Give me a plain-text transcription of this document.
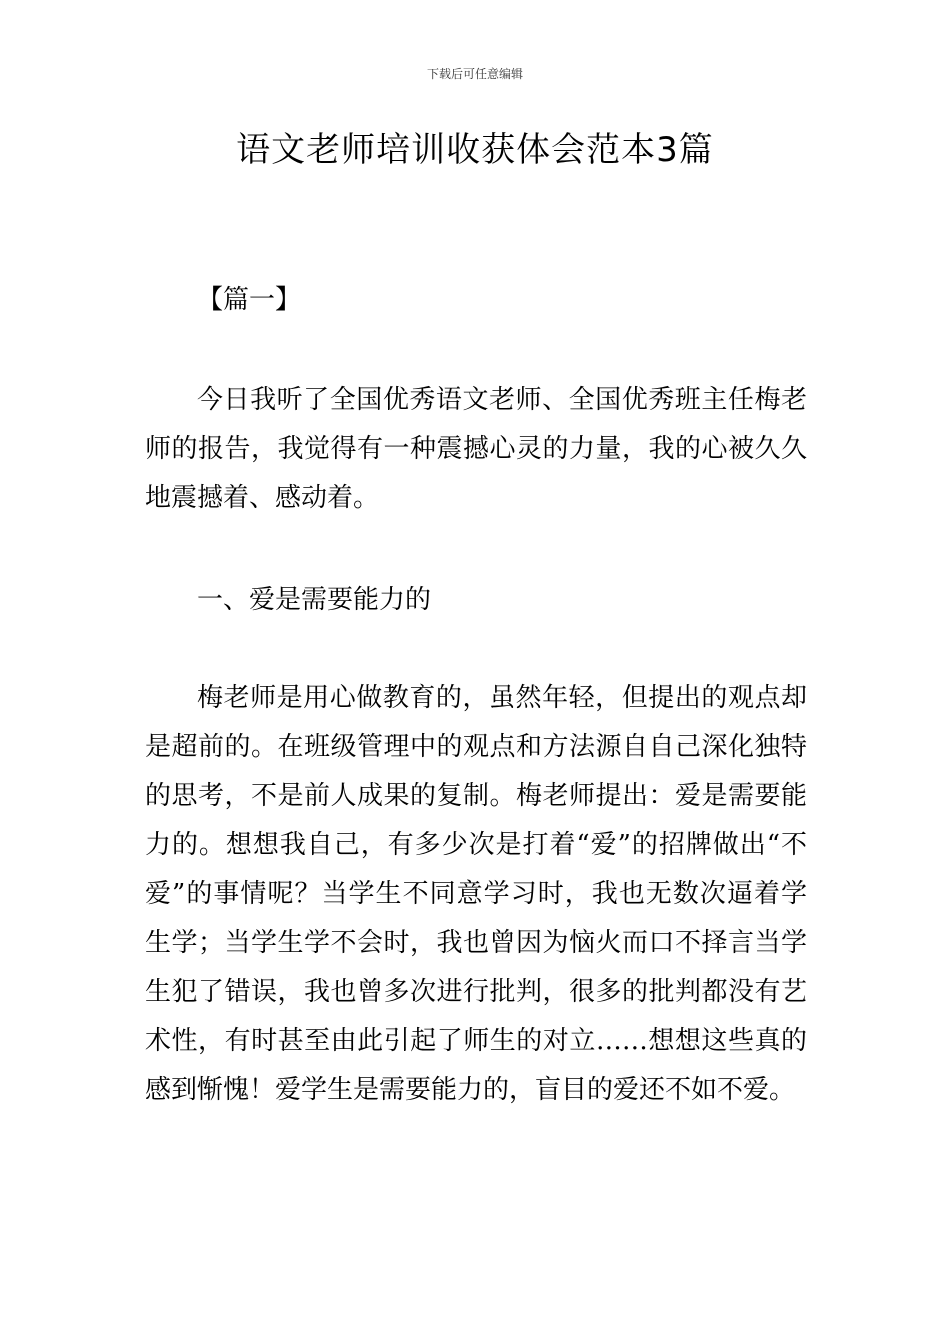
下载后可任意编辑
语文老师培训收获体会范本3篇
【篇一】

今日我听了全国优秀语文老师、全国优秀班主任梅老师的报告，我觉得有一种震撼心灵的力量，我的心被久久地震撼着、感动着。

一、爱是需要能力的

梅老师是用心做教育的，虽然年轻，但提出的观点却是超前的。在班级管理中的观点和方法源自自己深化独特的思考，不是前人成果的复制。梅老师提出：爱是需要能力的。想想我自己，有多少次是打着“爱”的招牌做出“不爱”的事情呢？当学生不同意学习时，我也无数次逼着学生学；当学生学不会时，我也曾因为恼火而口不择言当学生犯了错误，我也曾多次进行批判，很多的批判都没有艺术性，有时甚至由此引起了师生的对立……想想这些真的感到惭愧！爱学生是需要能力的，盲目的爱还不如不爱。
